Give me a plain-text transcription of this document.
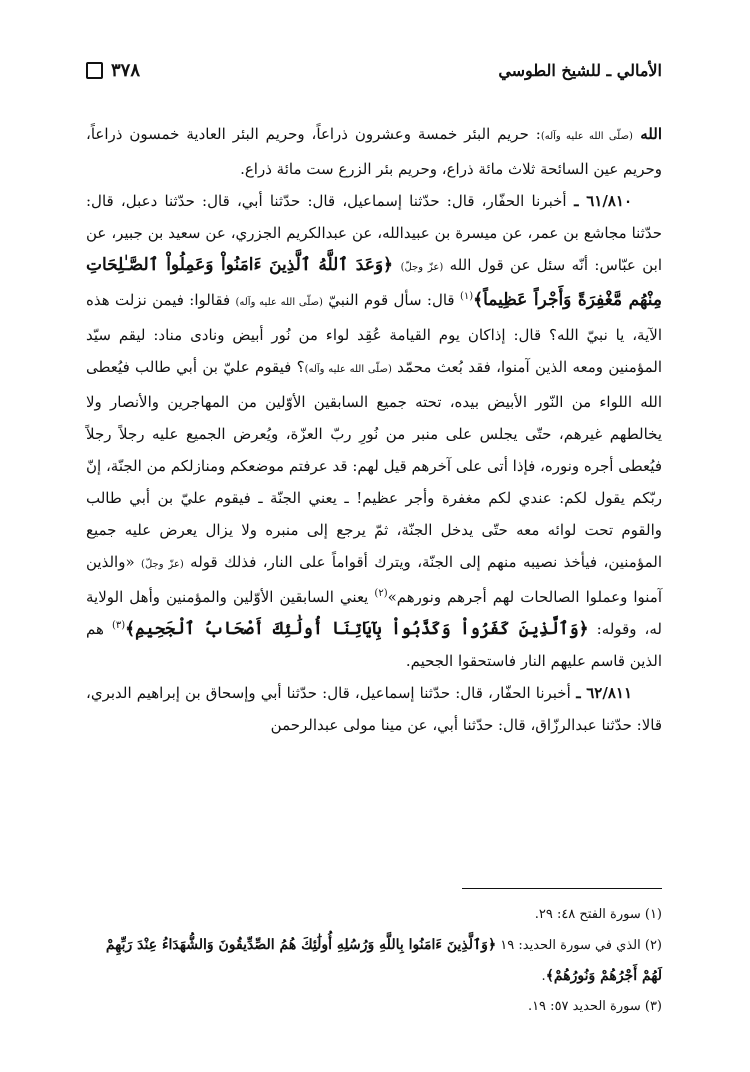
الأمالي ـ للشيخ الطوسي
٣٧٨

الله (صلّى الله عليه وآله): حريم البئر خمسة وعشرون ذراعاً، وحريم البئر العادية خمسون ذراعاً، وحريم عين السائحة ثلاث مائة ذراع، وحريم بئر الزرع ست مائة ذراع.

٦١/٨١٠ ـ أخبرنا الحفّار، قال: حدّثنا إسماعيل، قال: حدّثنا أبي، قال: حدّثنا دعبل، قال: حدّثنا مجاشع بن عمر، عن ميسرة بن عبيدالله، عن عبدالكريم الجزري، عن سعيد بن جبير، عن ابن عبّاس: أنّه سئل عن قول الله (عزّ وجلّ) ﴿وَعَدَ ٱللَّهُ ٱلَّذِينَ ءَامَنُواْ وَعَمِلُواْ ٱلصَّـٰلِحَاتِ مِنْهُم مَّغْفِرَةً وَأَجْراً عَظِيماً﴾$^{(١)}$ قال: سأل قوم النبيّ (صلّى الله عليه وآله) فقالوا: فيمن نزلت هذه الآية، يا نبيّ الله؟ قال: إذاكان يوم القيامة عُقِد لواء من نُور أبيض ونادى مناد: ليقم سيّد المؤمنين ومعه الذين آمنوا، فقد بُعث محمّد (صلّى الله عليه وآله)؟ فيقوم عليّ بن أبي طالب فيُعطى الله اللواء من النّور الأبيض بيده، تحته جميع السابقين الأوّلين من المهاجرين والأنصار ولا يخالطهم غيرهم، حتّى يجلس على منبر من نُورِ ربّ العزّة، ويُعرض الجميع عليه رجلاً رجلاً فيُعطى أجره ونوره، فإذا أتى على آخرهم قيل لهم: قد عرفتم موضعكم ومنازلكم من الجنّة، إنّ ربّكم يقول لكم: عندي لكم مغفرة وأجر عظيم! ـ يعني الجنّة ـ فيقوم عليّ بن أبي طالب والقوم تحت لوائه معه حتّى يدخل الجنّة، ثمّ يرجع إلى منبره ولا يزال يعرض عليه جميع المؤمنين، فيأخذ نصيبه منهم إلى الجنّة، ويترك أقواماً على النار، فذلك قوله (عزّ وجلّ) «والذين آمنوا وعملوا الصالحات لهم أجرهم ونورهم»$^{(٢)}$ يعني السابقين الأوّلين والمؤمنين وأهل الولاية له، وقوله: ﴿وَٱلَّذِينَ كَفَرُواْ وَكَذَّبُواْ بِآيَاتِنَا أُولَٰئِكَ أَصْحَابُ ٱلْجَحِيمِ﴾$^{(٣)}$ هم الذين قاسم عليهم النار فاستحقوا الجحيم.

٦٢/٨١١ ـ أخبرنا الحفّار، قال: حدّثنا إسماعيل، قال: حدّثنا أبي وإسحاق بن إبراهيم الدبري، قالا: حدّثنا عبدالرزّاق، قال: حدّثنا أبي، عن مينا مولى عبدالرحمن

(١) سورة الفتح ٤٨: ٢٩.

(٢) الذي في سورة الحديد: ١٩ ﴿وَٱلَّذِينَ ءَامَنُوا بِاللَّهِ وَرُسُلِهِ أُولَٰئِكَ هُمُ الصِّدِّيقُونَ وَالشُّهَدَاءُ عِنْدَ رَبِّهِمْ لَهُمْ أَجْرُهُمْ وَنُورُهُمْ﴾.

(٣) سورة الحديد ٥٧: ١٩.
